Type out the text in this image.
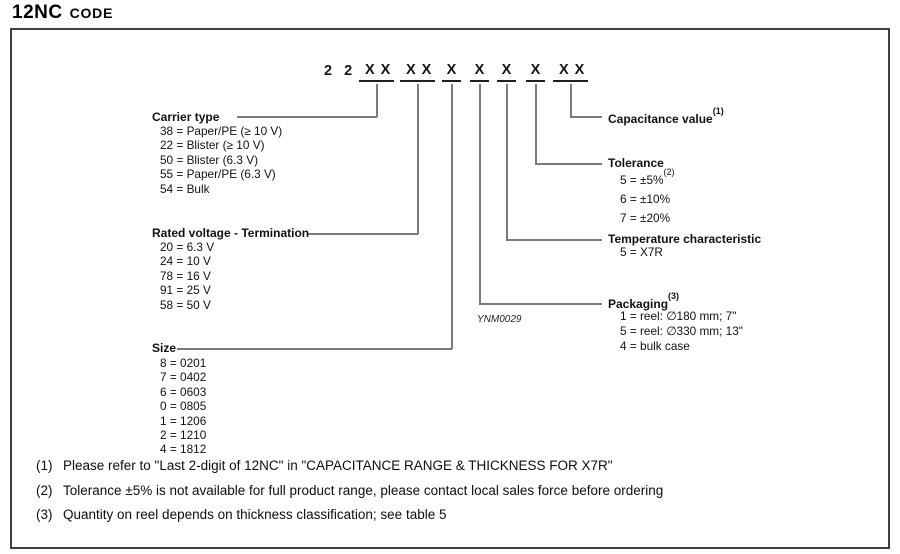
12NC CODE
2 2 XX XX X	X	X	X	XX
Carrier type
38 = Paper/PE (≥ 10 V)
22 = Blister (≥ 10 V)
50 = Blister (6.3 V)
55 = Paper/PE (6.3 V)
54 = Bulk
Rated voltage - Termination
20 = 6.3 V
24 = 10 V
78 = 16 V
91 = 25 V
58 = 50 V
Size
8 = 0201
7 = 0402
6 = 0603
0 = 0805
1 = 1206
2 = 1210
4 = 1812
Capacitance value$^{(1)}$
Tolerance
5 = ±5%$^{(2)}$
6 = ±10%
7 = ±20%
Temperature characteristic
5 = X7R
Packaging$^{(3)}$
1 = reel: ∅180 mm; 7"
5 = reel: ∅330 mm; 13"
4 = bulk case
YNM0029
(1) Please refer to "Last 2-digit of 12NC" in "CAPACITANCE RANGE & THICKNESS FOR X7R"
(2) Tolerance ±5% is not available for full product range, please contact local sales force before ordering
(3) Quantity on reel depends on thickness classification; see table 5
